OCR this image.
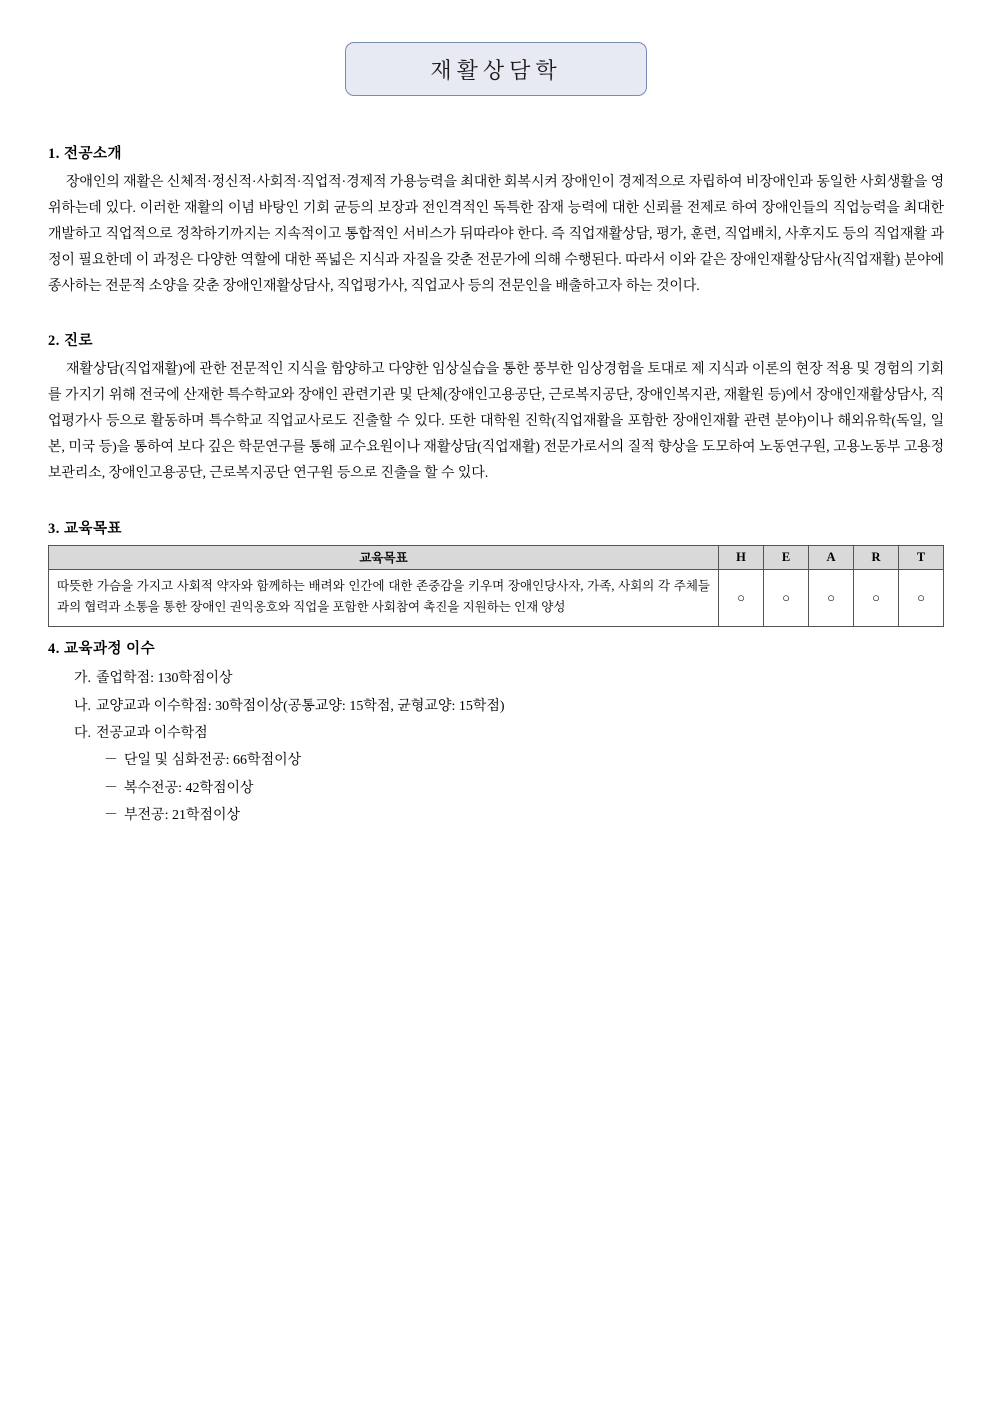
재활상담학
1. 전공소개
장애인의 재활은 신체적·정신적·사회적·직업적·경제적 가용능력을 최대한 회복시켜 장애인이 경제적으로 자립하여 비장애인과 동일한 사회생활을 영위하는데 있다. 이러한 재활의 이념 바탕인 기회 균등의 보장과 전인격적인 독특한 잠재 능력에 대한 신뢰를 전제로 하여 장애인들의 직업능력을 최대한 개발하고 직업적으로 정착하기까지는 지속적이고 통합적인 서비스가 뒤따라야 한다. 즉 직업재활상담, 평가, 훈련, 직업배치, 사후지도 등의 직업재활 과정이 필요한데 이 과정은 다양한 역할에 대한 폭넓은 지식과 자질을 갖춘 전문가에 의해 수행된다. 따라서 이와 같은 장애인재활상담사(직업재활) 분야에 종사하는 전문적 소양을 갖춘 장애인재활상담사, 직업평가사, 직업교사 등의 전문인을 배출하고자 하는 것이다.
2. 진로
재활상담(직업재활)에 관한 전문적인 지식을 함양하고 다양한 임상실습을 통한 풍부한 임상경험을 토대로 제 지식과 이론의 현장 적용 및 경험의 기회를 가지기 위해 전국에 산재한 특수학교와 장애인 관련기관 및 단체(장애인고용공단, 근로복지공단, 장애인복지관, 재활원 등)에서 장애인재활상담사, 직업평가사 등으로 활동하며 특수학교 직업교사로도 진출할 수 있다. 또한 대학원 진학(직업재활을 포함한 장애인재활 관련 분야)이나 해외유학(독일, 일본, 미국 등)을 통하여 보다 깊은 학문연구를 통해 교수요원이나 재활상담(직업재활) 전문가로서의 질적 향상을 도모하여 노동연구원, 고용노동부 고용정보관리소, 장애인고용공단, 근로복지공단 연구원 등으로 진출을 할 수 있다.
3. 교육목표
교육목표	H	E	A	R	T
따뜻한 가슴을 가지고 사회적 약자와 함께하는 배려와 인간에 대한 존중감을 키우며 장애인당사자, 가족, 사회의 각 주체들과의 협력과 소통을 통한 장애인 권익옹호와 직업을 포함한 사회참여 촉진을 지원하는 인재 양성	○	○	○	○	○
4. 교육과정 이수
가. 졸업학점: 130학점이상
나. 교양교과 이수학점: 30학점이상(공통교양: 15학점, 균형교양: 15학점)
다. 전공교과 이수학점
－ 단일 및 심화전공: 66학점이상
－ 복수전공: 42학점이상
－ 부전공: 21학점이상
